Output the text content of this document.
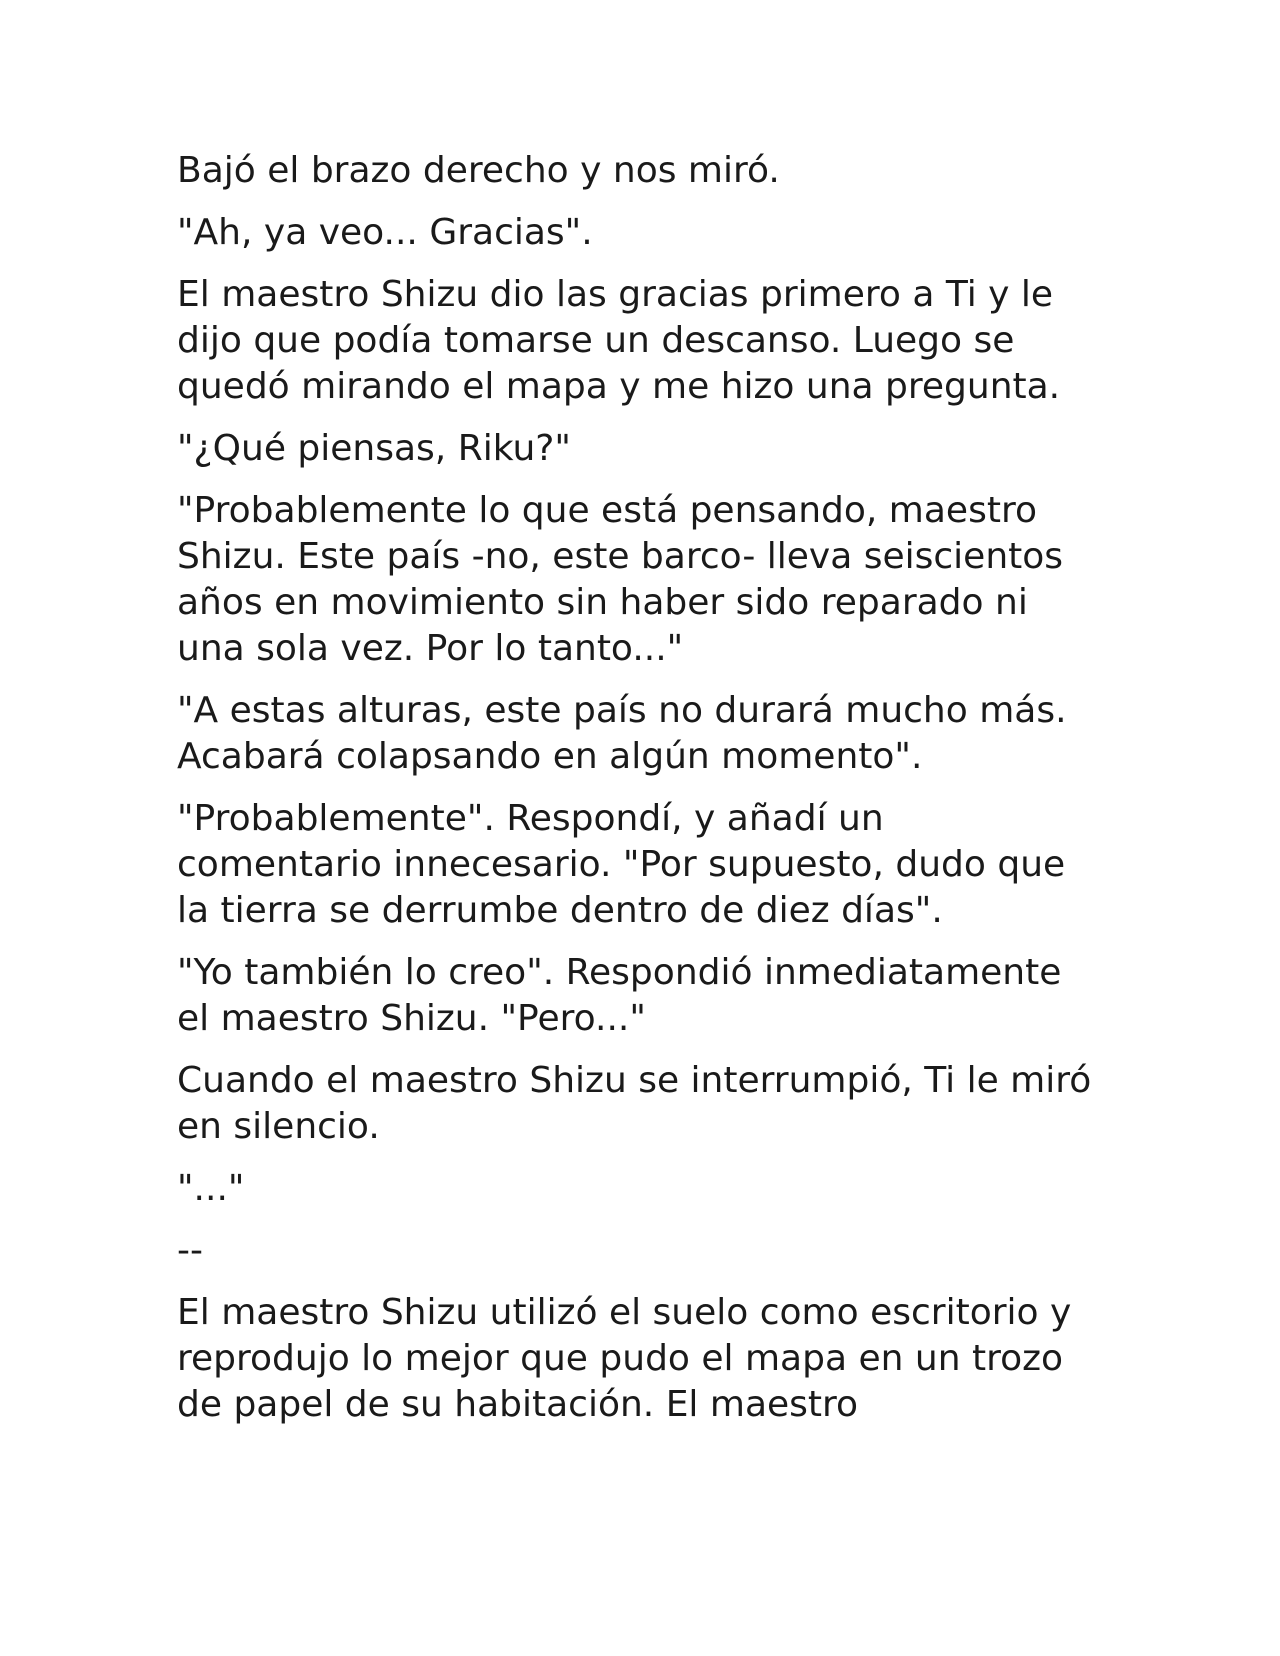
Bajó el brazo derecho y nos miró.

"Ah, ya veo... Gracias".

El maestro Shizu dio las gracias primero a Ti y le dijo que podía tomarse un descanso. Luego se quedó mirando el mapa y me hizo una pregunta.

"¿Qué piensas, Riku?"

"Probablemente lo que está pensando, maestro Shizu. Este país -no, este barco- lleva seiscientos años en movimiento sin haber sido reparado ni una sola vez. Por lo tanto..."

"A estas alturas, este país no durará mucho más. Acabará colapsando en algún momento".

"Probablemente". Respondí, y añadí un comentario innecesario. "Por supuesto, dudo que la tierra se derrumbe dentro de diez días".

"Yo también lo creo". Respondió inmediatamente el maestro Shizu. "Pero..."

Cuando el maestro Shizu se interrumpió, Ti le miró en silencio.

"..."

--

El maestro Shizu utilizó el suelo como escritorio y reprodujo lo mejor que pudo el mapa en un trozo de papel de su habitación. El maestro
